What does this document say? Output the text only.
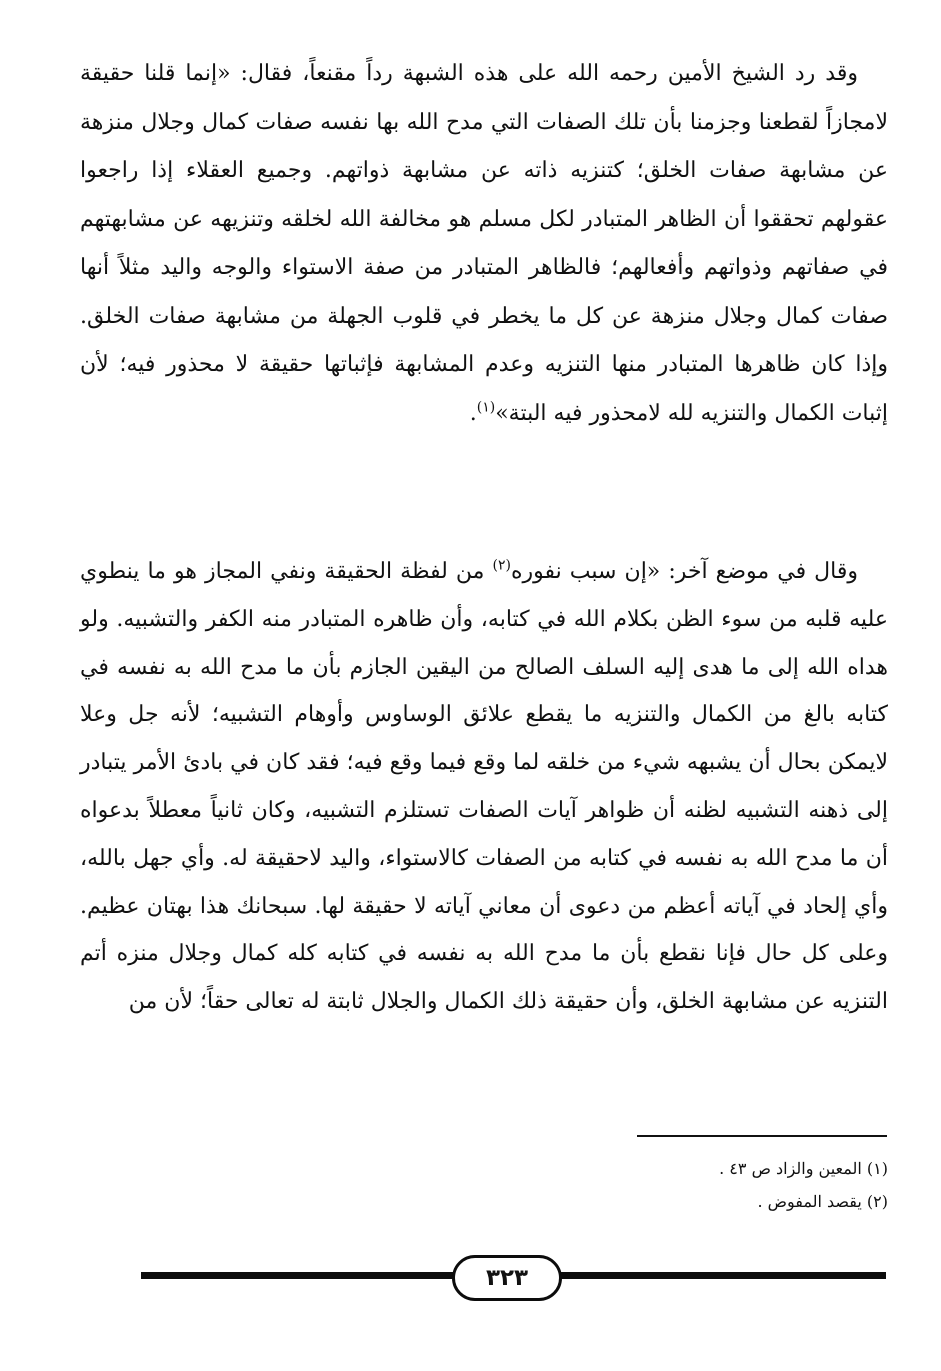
وقد رد الشيخ الأمين رحمه الله على هذه الشبهة رداً مقنعاً، فقال: «إنما قلنا حقيقة لامجازاً لقطعنا وجزمنا بأن تلك الصفات التي مدح الله بها نفسه صفات كمال وجلال منزهة عن مشابهة صفات الخلق؛ كتنزيه ذاته عن مشابهة ذواتهم. وجميع العقلاء إذا راجعوا عقولهم تحققوا أن الظاهر المتبادر لكل مسلم هو مخالفة الله لخلقه وتنزيهه عن مشابهتهم في صفاتهم وذواتهم وأفعالهم؛ فالظاهر المتبادر من صفة الاستواء والوجه واليد مثلاً أنها صفات كمال وجلال منزهة عن كل ما يخطر في قلوب الجهلة من مشابهة صفات الخلق. وإذا كان ظاهرها المتبادر منها التنزيه وعدم المشابهة فإثباتها حقيقة لا محذور فيه؛ لأن إثبات الكمال والتنزيه لله لامحذور فيه البتة»$^{(١)}$.

وقال في موضع آخر: «إن سبب نفوره$^{(٢)}$ من لفظة الحقيقة ونفي المجاز هو ما ينطوي عليه قلبه من سوء الظن بكلام الله في كتابه، وأن ظاهره المتبادر منه الكفر والتشبيه. ولو هداه الله إلى ما هدى إليه السلف الصالح من اليقين الجازم بأن ما مدح الله به نفسه في كتابه بالغ من الكمال والتنزيه ما يقطع علائق الوساوس وأوهام التشبيه؛ لأنه جل وعلا لايمكن بحال أن يشبهه شيء من خلقه لما وقع فيما وقع فيه؛ فقد كان في بادئ الأمر يتبادر إلى ذهنه التشبيه لظنه أن ظواهر آيات الصفات تستلزم التشبيه، وكان ثانياً معطلاً بدعواه أن ما مدح الله به نفسه في كتابه من الصفات كالاستواء، واليد لاحقيقة له. وأي جهل بالله، وأي إلحاد في آياته أعظم من دعوى أن معاني آياته لا حقيقة لها. سبحانك هذا بهتان عظيم. وعلى كل حال فإنا نقطع بأن ما مدح الله به نفسه في كتابه كله كمال وجلال منزه أتم التنزيه عن مشابهة الخلق، وأن حقيقة ذلك الكمال والجلال ثابتة له تعالى حقاً؛ لأن من

(١) المعين والزاد ص ٤٣ .
(٢) يقصد المفوض .
٣٢٣
